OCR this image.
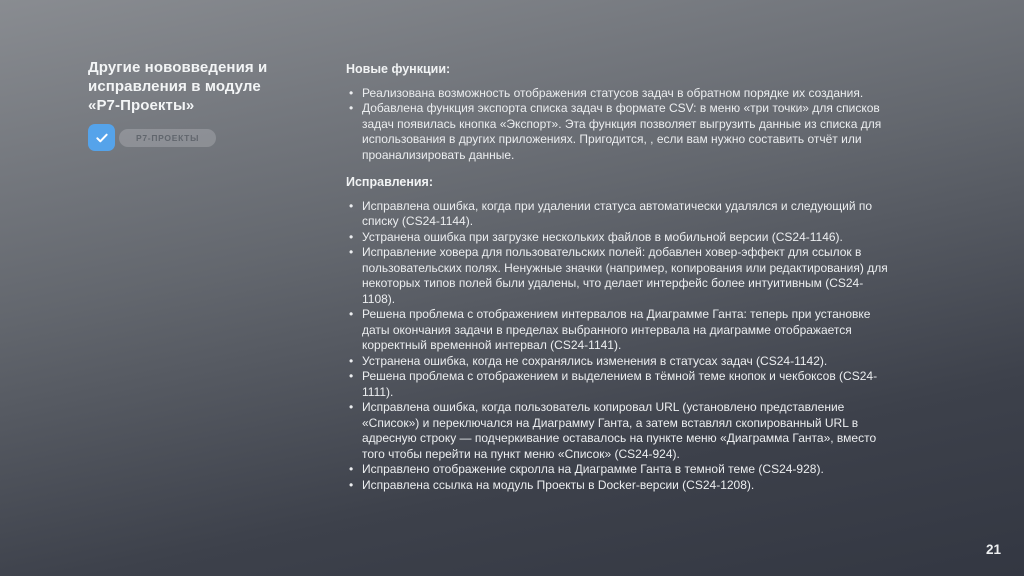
Другие нововведения и исправления в модуле «Р7-Проекты»
Р7-ПРОЕКТЫ
Новые функции:
• Реализована возможность отображения статусов задач в обратном порядке их создания.
• Добавлена функция экспорта списка задач в формате CSV: в меню «три точки» для списков задач появилась кнопка «Экспорт». Эта функция позволяет выгрузить данные из списка для использования в других приложениях. Пригодится, , если вам нужно составить отчёт или проанализировать данные.
Исправления:
• Исправлена ошибка, когда при удалении статуса автоматически удалялся и следующий по списку (CS24-1144).
• Устранена ошибка при загрузке нескольких файлов в мобильной версии (CS24-1146).
• Исправление ховера для пользовательских полей: добавлен ховер-эффект для ссылок в пользовательских полях. Ненужные значки (например, копирования или редактирования) для некоторых типов полей были удалены, что делает интерфейс более интуитивным (CS24-1108).
• Решена проблема с отображением интервалов на Диаграмме Ганта: теперь при установке даты окончания задачи в пределах выбранного интервала на диаграмме отображается корректный временной интервал (CS24-1141).
• Устранена ошибка, когда не сохранялись изменения в статусах задач (CS24-1142).
• Решена проблема с отображением и выделением в тёмной теме кнопок и чекбоксов (CS24-1111).
• Исправлена ошибка, когда пользователь копировал URL (установлено представление «Список») и переключался на Диаграмму Ганта, а затем вставлял скопированный URL в адресную строку — подчеркивание оставалось на пункте меню «Диаграмма Ганта», вместо того чтобы перейти на пункт меню «Список» (CS24-924).
• Исправлено отображение скролла на Диаграмме Ганта в темной теме (CS24-928).
• Исправлена ссылка на модуль Проекты в Docker-версии (CS24-1208).
21
